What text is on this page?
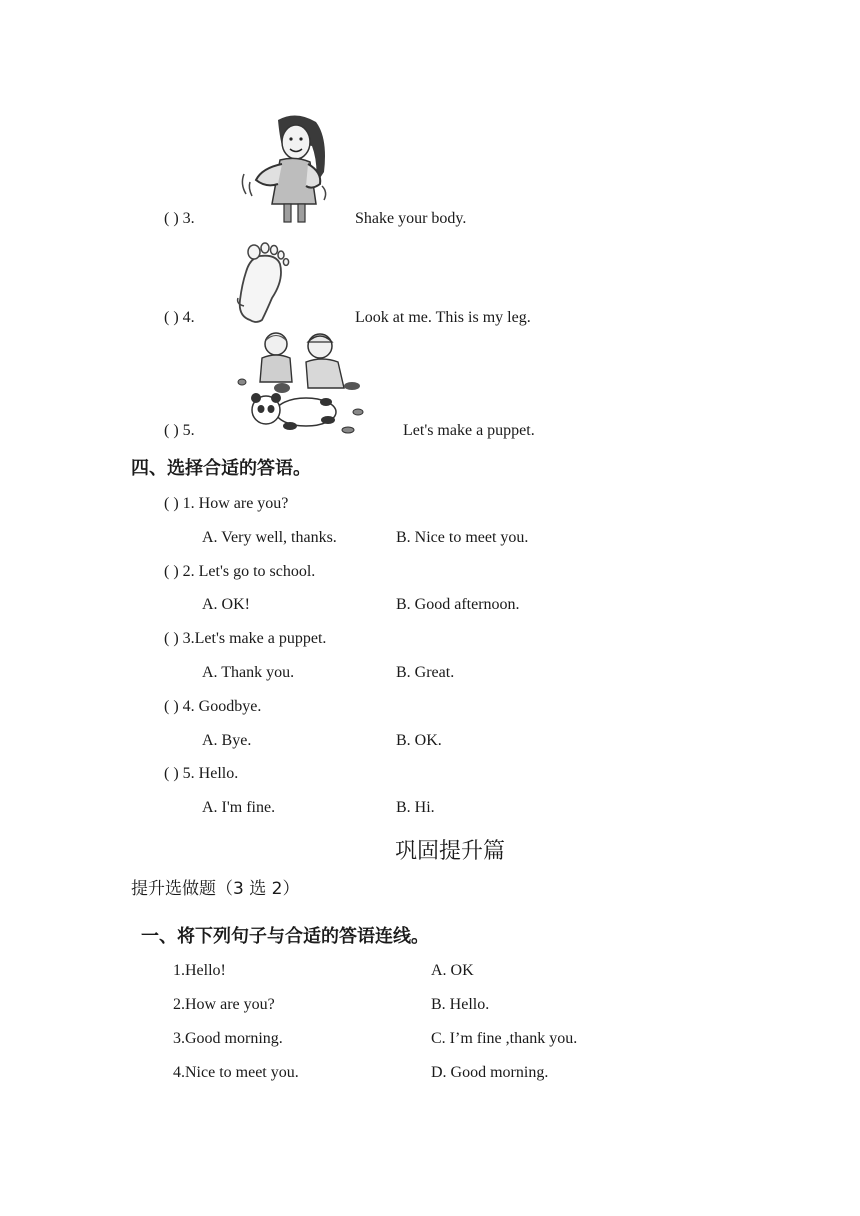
( ) 3.	Shake your body.
( ) 4.	Look at me. This is my leg.
( ) 5.	Let's make a puppet.
四、选择合适的答语。
( ) 1. How are you?
A. Very well, thanks.	B. Nice to meet you.
( ) 2. Let's go to school.
A. OK!	B. Good afternoon.
( ) 3.Let's make a puppet.
A. Thank you.	B. Great.
( ) 4. Goodbye.
A. Bye.	B. OK.
( ) 5. Hello.
A. I'm fine.	B. Hi.
巩固提升篇
提升选做题（3 选 2）
一、将下列句子与合适的答语连线。
1.Hello!	A. OK
2.How are you?	B. Hello.
3.Good morning.	C. I’m fine ,thank you.
4.Nice to meet you.	D. Good morning.
